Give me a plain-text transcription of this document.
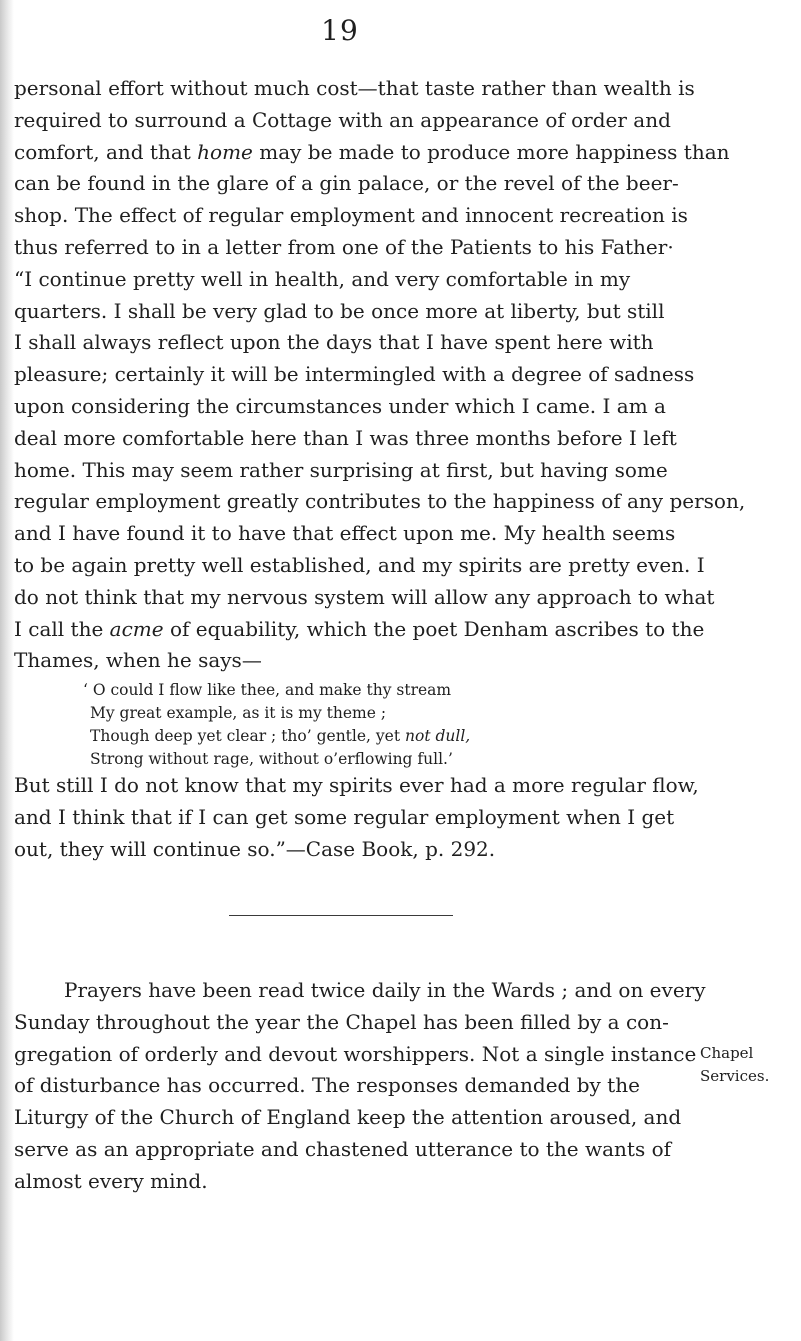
19
personal effort without much cost—that taste rather than wealth is
required to surround a Cottage with an appearance of order and
comfort, and that home may be made to produce more happiness than
can be found in the glare of a gin palace, or the revel of the beer-
shop. The effect of regular employment and innocent recreation is
thus referred to in a letter from one of the Patients to his Father·
“I continue pretty well in health, and very comfortable in my
quarters. I shall be very glad to be once more at liberty, but still
I shall always reflect upon the days that I have spent here with
pleasure; certainly it will be intermingled with a degree of sadness
upon considering the circumstances under which I came. I am a
deal more comfortable here than I was three months before I left
home. This may seem rather surprising at first, but having some
regular employment greatly contributes to the happiness of any person,
and I have found it to have that effect upon me. My health seems
to be again pretty well established, and my spirits are pretty even. I
do not think that my nervous system will allow any approach to what
I call the acme of equability, which the poet Denham ascribes to the
Thames, when he says—
‘ O could I flow like thee, and make thy stream
My great example, as it is my theme ;
Though deep yet clear ; tho’ gentle, yet not dull,
Strong without rage, without o’erflowing full.’
But still I do not know that my spirits ever had a more regular flow,
and I think that if I can get some regular employment when I get
out, they will continue so.”—Case Book, p. 292.
Prayers have been read twice daily in the Wards ; and on every
Sunday throughout the year the Chapel has been filled by a con-
gregation of orderly and devout worshippers. Not a single instance
of disturbance has occurred. The responses demanded by the
Liturgy of the Church of England keep the attention aroused, and
serve as an appropriate and chastened utterance to the wants of
almost every mind.
Chapel
Services.
